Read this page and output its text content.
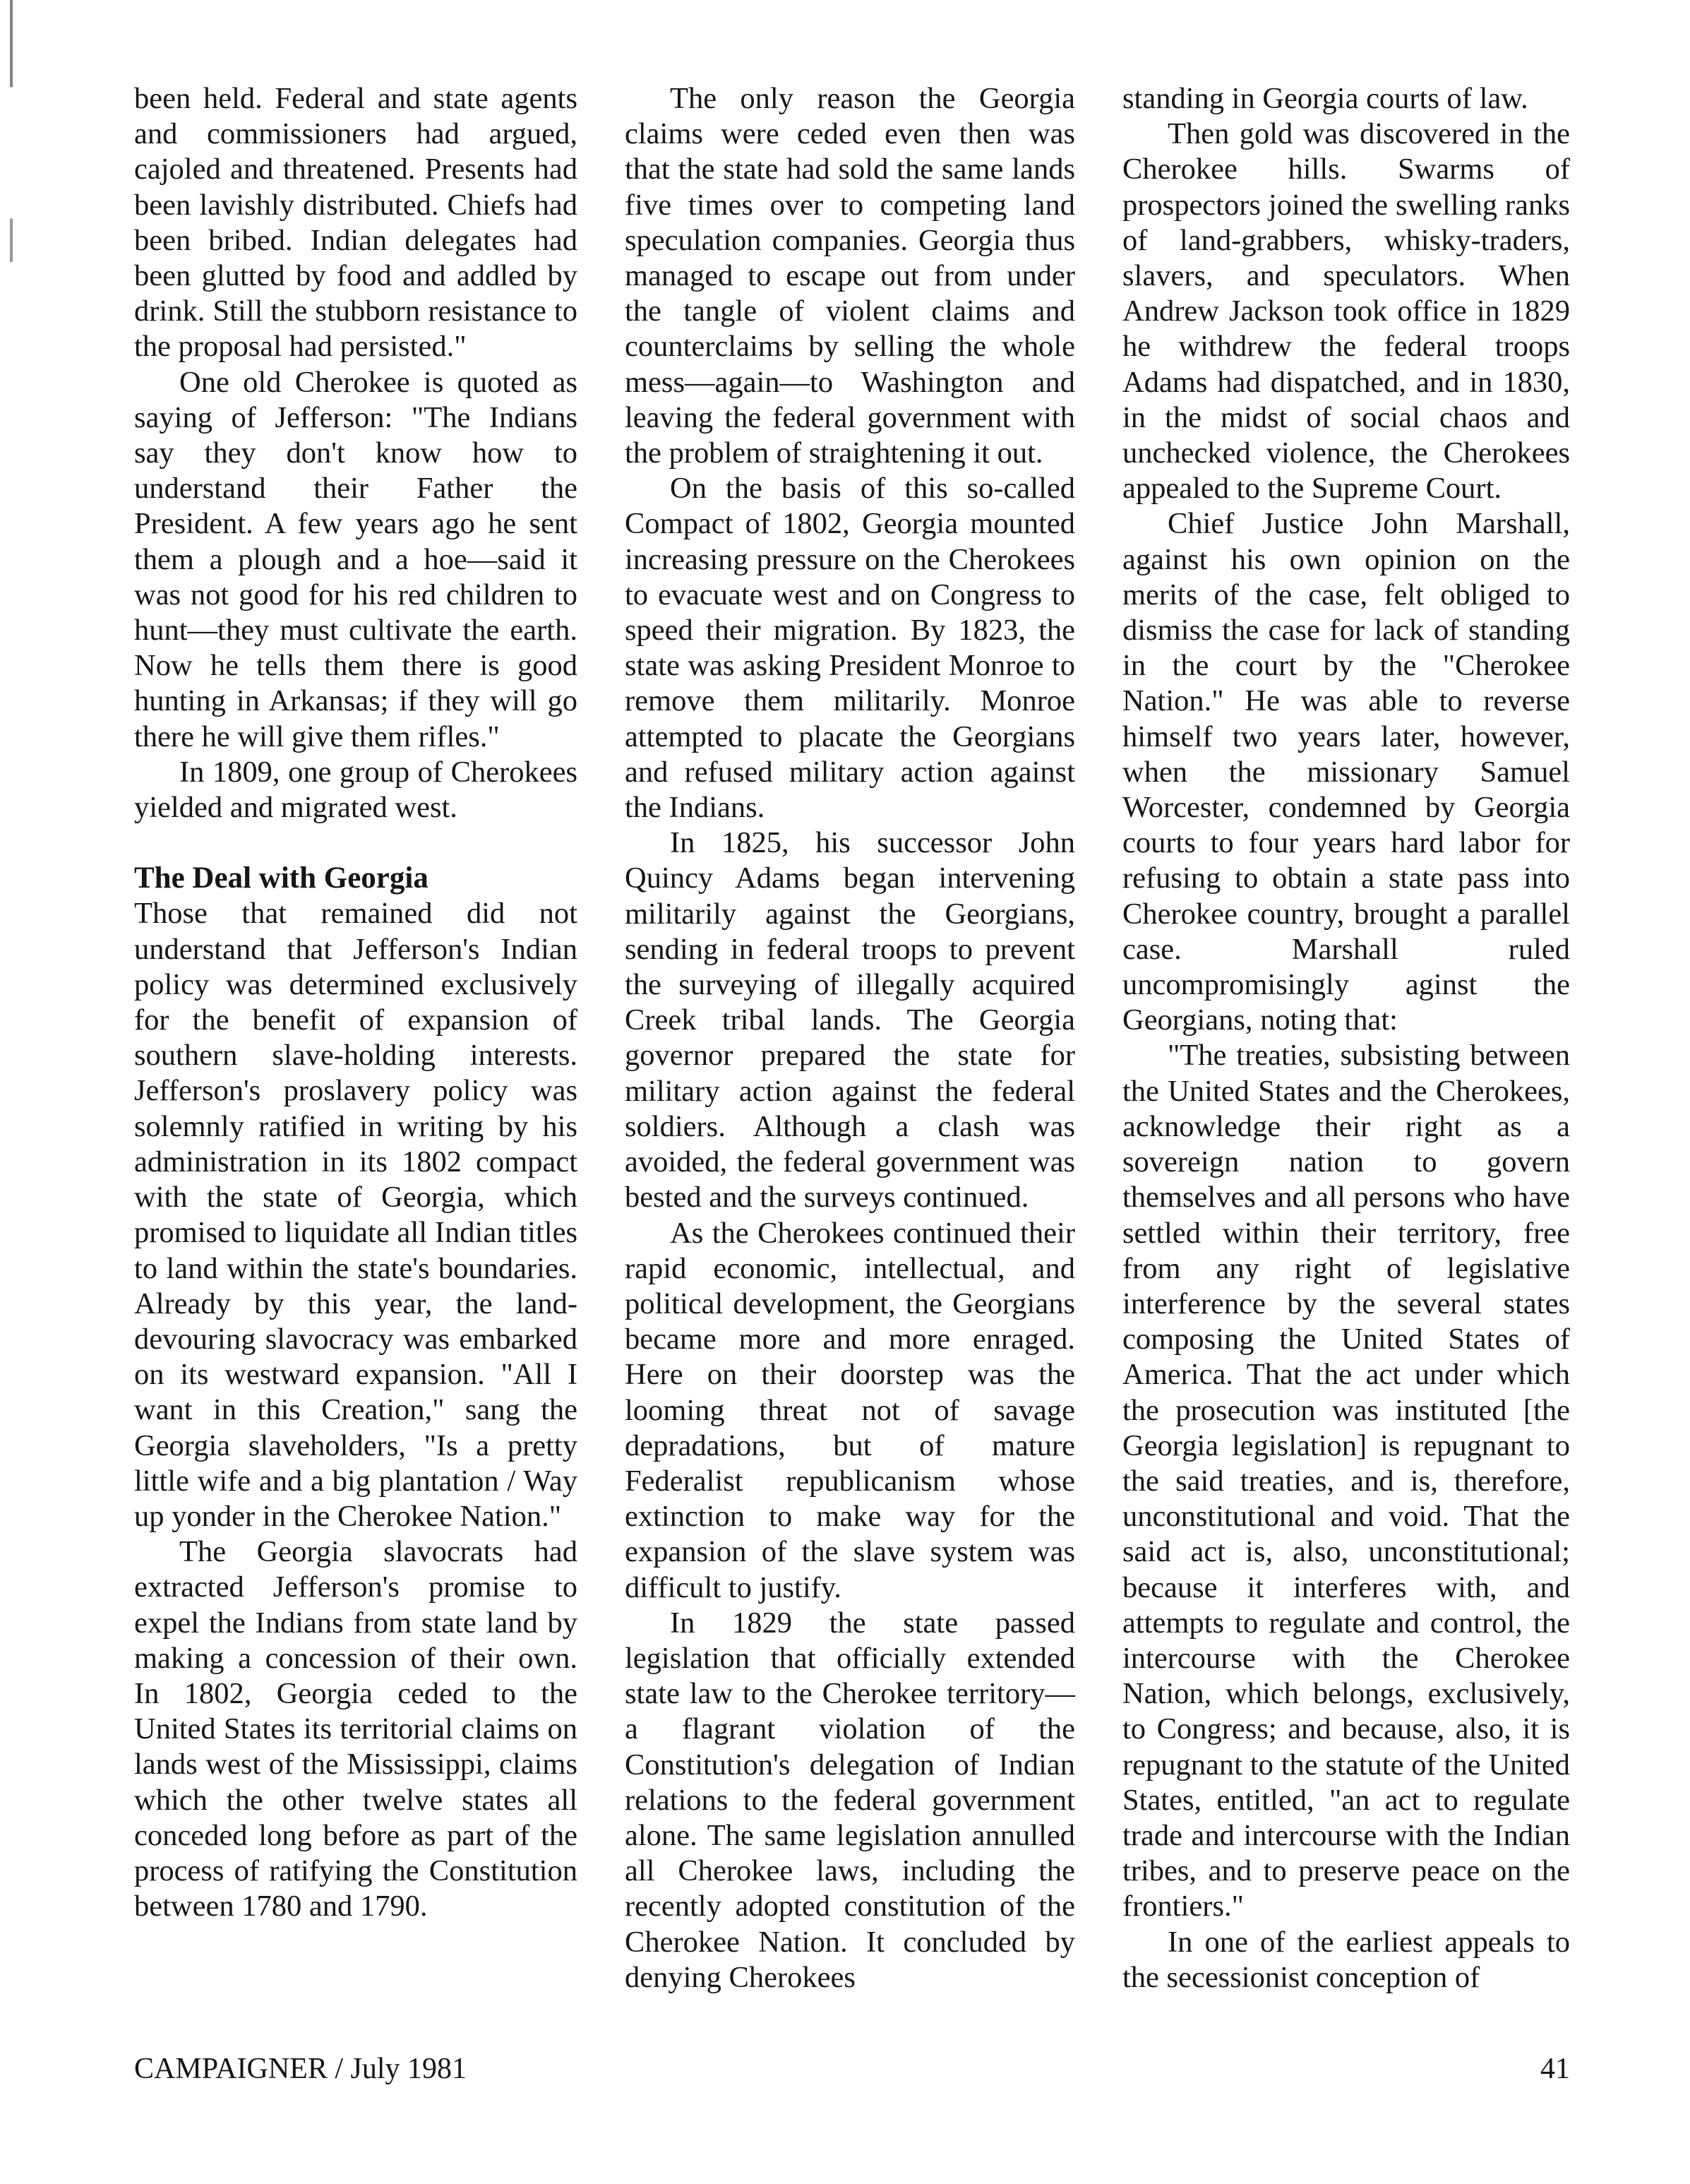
been held. Federal and state agents and commissioners had argued, cajoled and threatened. Presents had been lavishly distributed. Chiefs had been bribed. Indian delegates had been glutted by food and addled by drink. Still the stubborn resistance to the proposal had persisted."

One old Cherokee is quoted as saying of Jefferson: "The Indians say they don't know how to understand their Father the President. A few years ago he sent them a plough and a hoe—said it was not good for his red children to hunt—they must cultivate the earth. Now he tells them there is good hunting in Arkansas; if they will go there he will give them rifles."

In 1809, one group of Cherokees yielded and migrated west.

The Deal with Georgia

Those that remained did not understand that Jefferson's Indian policy was determined exclusively for the benefit of expansion of southern slave-holding interests. Jefferson's proslavery policy was solemnly ratified in writing by his administration in its 1802 compact with the state of Georgia, which promised to liquidate all Indian titles to land within the state's boundaries. Already by this year, the land-devouring slavocracy was embarked on its westward expansion. "All I want in this Creation," sang the Georgia slaveholders, "Is a pretty little wife and a big plantation / Way up yonder in the Cherokee Nation."

The Georgia slavocrats had extracted Jefferson's promise to expel the Indians from state land by making a concession of their own. In 1802, Georgia ceded to the United States its territorial claims on lands west of the Mississippi, claims which the other twelve states all conceded long before as part of the process of ratifying the Constitution between 1780 and 1790.

The only reason the Georgia claims were ceded even then was that the state had sold the same lands five times over to competing land speculation companies. Georgia thus managed to escape out from under the tangle of violent claims and counterclaims by selling the whole mess—again—to Washington and leaving the federal government with the problem of straightening it out.

On the basis of this so-called Compact of 1802, Georgia mounted increasing pressure on the Cherokees to evacuate west and on Congress to speed their migration. By 1823, the state was asking President Monroe to remove them militarily. Monroe attempted to placate the Georgians and refused military action against the Indians.

In 1825, his successor John Quincy Adams began intervening militarily against the Georgians, sending in federal troops to prevent the surveying of illegally acquired Creek tribal lands. The Georgia governor prepared the state for military action against the federal soldiers. Although a clash was avoided, the federal government was bested and the surveys continued.

As the Cherokees continued their rapid economic, intellectual, and political development, the Georgians became more and more enraged. Here on their doorstep was the looming threat not of savage depradations, but of mature Federalist republicanism whose extinction to make way for the expansion of the slave system was difficult to justify.

In 1829 the state passed legislation that officially extended state law to the Cherokee territory—a flagrant violation of the Constitution's delegation of Indian relations to the federal government alone. The same legislation annulled all Cherokee laws, including the recently adopted constitution of the Cherokee Nation. It concluded by denying Cherokees

standing in Georgia courts of law.

Then gold was discovered in the Cherokee hills. Swarms of prospectors joined the swelling ranks of land-grabbers, whisky-traders, slavers, and speculators. When Andrew Jackson took office in 1829 he withdrew the federal troops Adams had dispatched, and in 1830, in the midst of social chaos and unchecked violence, the Cherokees appealed to the Supreme Court.

Chief Justice John Marshall, against his own opinion on the merits of the case, felt obliged to dismiss the case for lack of standing in the court by the "Cherokee Nation." He was able to reverse himself two years later, however, when the missionary Samuel Worcester, condemned by Georgia courts to four years hard labor for refusing to obtain a state pass into Cherokee country, brought a parallel case. Marshall ruled uncompromisingly aginst the Georgians, noting that:

"The treaties, subsisting between the United States and the Cherokees, acknowledge their right as a sovereign nation to govern themselves and all persons who have settled within their territory, free from any right of legislative interference by the several states composing the United States of America. That the act under which the prosecution was instituted [the Georgia legislation] is repugnant to the said treaties, and is, therefore, unconstitutional and void. That the said act is, also, unconstitutional; because it interferes with, and attempts to regulate and control, the intercourse with the Cherokee Nation, which belongs, exclusively, to Congress; and because, also, it is repugnant to the statute of the United States, entitled, "an act to regulate trade and intercourse with the Indian tribes, and to preserve peace on the frontiers."

In one of the earliest appeals to the secessionist conception of

CAMPAIGNER / July 1981	41
